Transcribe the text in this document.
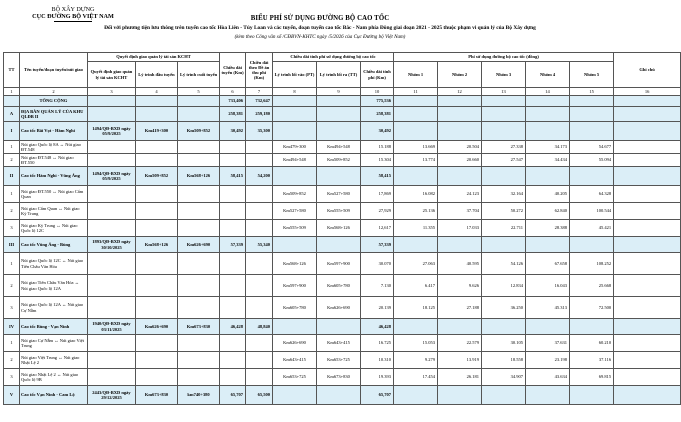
BỘ XÂY DỰNG
CỤC ĐƯỜNG BỘ VIỆT NAM	BIỂU PHÍ SỬ DỤNG ĐƯỜNG BỘ CAO TỐC
Đối với phương tiện lưu thông trên tuyến cao tốc Hòa Liên - Túy Loan và các tuyến, đoạn tuyến cao tốc Bắc - Nam phía Đông giai đoạn 2021 - 2025 thuộc phạm vi quản lý của Bộ Xây dựng
(kèm theo Công văn số /CĐBVN-KHTC ngày /5/2026 của Cục Đường bộ Việt Nam)
TT	Tên tuyến/đoạn tuyến/nút giao	Quyết định giao quản lý tài sản KCHT			Chiều dài tuyến (Km)	Chiều dài theo Đề án thu phí (Km)	Chiều dài tính phí sử dụng đường bộ cao tốc			Phí sử dụng đường bộ cao tốc (đồng)					Ghi chú
		Quyết định giao quản lý tài sản KCHT	Lý trình đầu tuyến	Lý trình cuối tuyến			Lý trình lối vào (PT)	Lý trình lối ra (TT)	Chiều dài tính phí (Km)	Nhóm 1	Nhóm 2	Nhóm 3	Nhóm 4	Nhóm 5	
1	2	3	4	5	6	7	8	9	10	11	12	13	14	15	16
	TỔNG CỘNG				733,406	732,647			775,536						
A	ĐỊA BÀN QUẢN LÝ CỦA KHU QLĐB II				258,381	259,180			258,381						
I	Cao tốc Bãi Vọt - Hàm Nghi	1494/QĐ-BXD ngày 05/9/2025	Km419+300	Km509+852	30,492	35,300			30,492						
1	Nút giao Quốc lộ 8A ↔ Nút giao ĐT.548						Km479+300	Km494+548	15.188	13.669	20.504	27.338	34.173	54.677	
2	Nút giao ĐT.548 ↔ Nút giao ĐT.550						Km494+548	Km509+852	15.304	13.774	20.660	27.547	34.434	55.094	
II	Cao tốc Hàm Nghi - Vũng Áng	1494/QĐ-BXD ngày 05/9/2025	Km509+852	Km568+126	58,415	54,200			58,415						
1	Nút giao ĐT.550 ↔ Nút giao Cẩm Quan						Km509+852	Km527+580	17,869	16.082	24.123	32.164	40.205	64.328	
2	Nút giao Cẩm Quan ↔ Nút giao Kỳ Trung						Km527+580	Km555+509	27,929	25.136	37.704	50.272	62.840	100.544	
3	Nút giao Kỳ Trung ↔ Nút giao Quốc lộ 12C						Km555+509	Km568+126	12,617	11.355	17.033	22.711	28.388	45.421	
III	Cao tốc Vũng Áng - Bùng	1893/QĐ-BXD ngày 30/10/2025	Km568+126	Km626+690	57,339	55,340			57,339						
1	Nút giao Quốc lộ 12C ↔ Nút giao Tiến Châu Văn Hóa						Km568+126	Km597+900	30.070	27.063	40.595	54.126	67.658	108.252	
2	Nút giao Tiến Châu Văn Hóa ↔ Nút giao Quốc lộ 12A						Km597+900	Km605+780	7.130	6.417	9.626	12.834	16.043	25.668	
3	Nút giao Quốc lộ 12A ↔ Nút giao Cự Nẫm						Km605+780	Km626+690	20.139	18.125	27.188	36.250	45.313	72.500	
IV	Cao tốc Bùng - Vạn Ninh	1940/QĐ-BXD ngày 03/11/2025	Km626+690	Km673+830	46,428	48,840			46,428						
1	Nút giao Cự Nẫm ↔ Nút giao Việt Trung						Km626+690	Km643+415	16.725	15.053	22.579	30.105	37.631	60.210	
2	Nút giao Việt Trung ↔ Nút giao Nhật Lệ 2						Km643+415	Km653+725	10.310	9.279	13.919	18.558	23.198	37.116	
3	Nút giao Nhật Lệ 2 ↔ Nút giao Quốc lộ 9B						Km653+725	Km673+830	19.393	17.454	26.181	34.907	43.634	69.815	
V	Cao tốc Vạn Ninh - Cam Lộ	2443/QĐ-BXD ngày 29/12/2025	Km673+830	km740+380	65,707	65,500			65,707						
